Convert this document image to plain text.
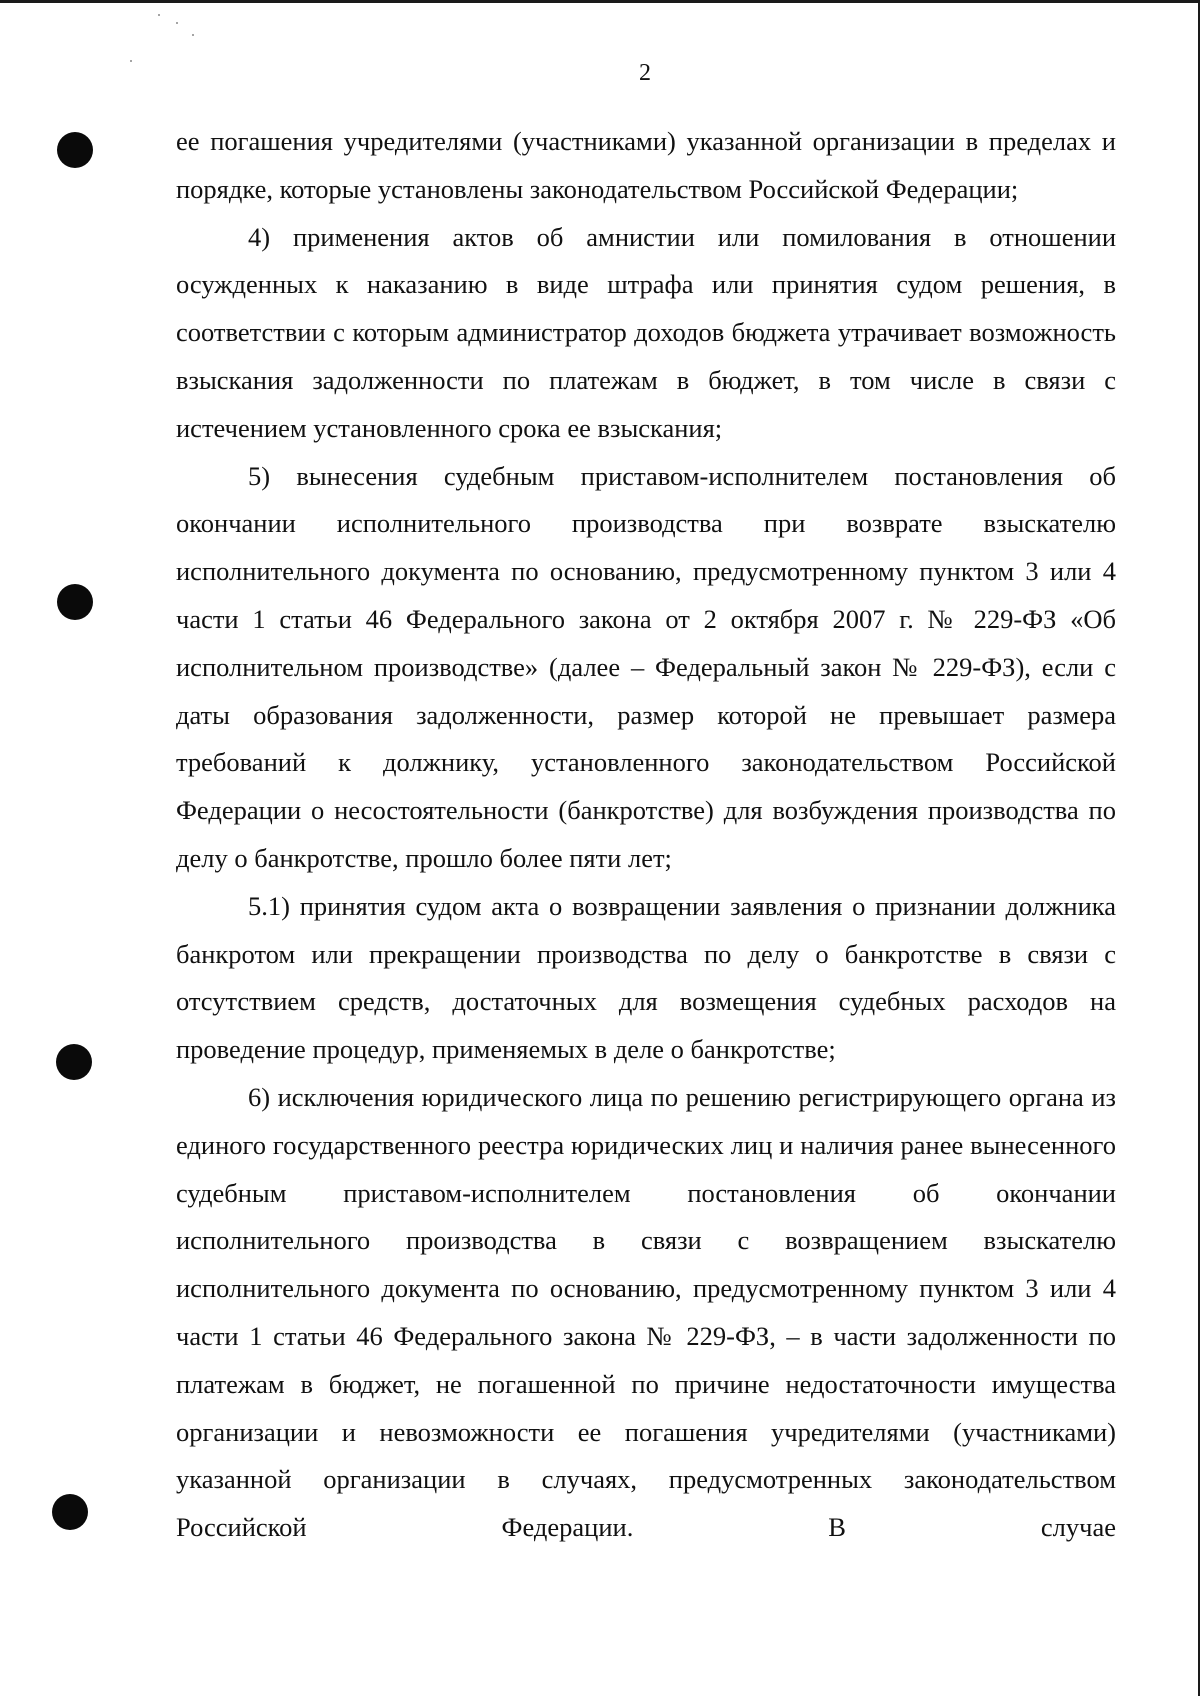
2

ее погашения учредителями (участниками) указанной организации в пределах и порядке, которые установлены законодательством Российской Федерации;

4) применения актов об амнистии или помилования в отношении осужденных к наказанию в виде штрафа или принятия судом решения, в соответствии с которым администратор доходов бюджета утрачивает возможность взыскания задолженности по платежам в бюджет, в том числе в связи с истечением установленного срока ее взыскания;

5) вынесения судебным приставом-исполнителем постановления об окончании исполнительного производства при возврате взыскателю исполнительного документа по основанию, предусмотренному пунктом 3 или 4 части 1 статьи 46 Федерального закона от 2 октября 2007 г. № 229-ФЗ «Об исполнительном производстве» (далее – Федеральный закон № 229-ФЗ), если с даты образования задолженности, размер которой не превышает размера требований к должнику, установленного законодательством Российской Федерации о несостоятельности (банкротстве) для возбуждения производства по делу о банкротстве, прошло более пяти лет;

5.1) принятия судом акта о возвращении заявления о признании должника банкротом или прекращении производства по делу о банкротстве в связи с отсутствием средств, достаточных для возмещения судебных расходов на проведение процедур, применяемых в деле о банкротстве;

6) исключения юридического лица по решению регистрирующего органа из единого государственного реестра юридических лиц и наличия ранее вынесенного судебным приставом-исполнителем постановления об окончании исполнительного производства в связи с возвращением взыскателю исполнительного документа по основанию, предусмотренному пунктом 3 или 4 части 1 статьи 46 Федерального закона № 229-ФЗ, – в части задолженности по платежам в бюджет, не погашенной по причине недостаточности имущества организации и невозможности ее погашения учредителями (участниками) указанной организации в случаях, предусмотренных законодательством Российской Федерации. В случае
